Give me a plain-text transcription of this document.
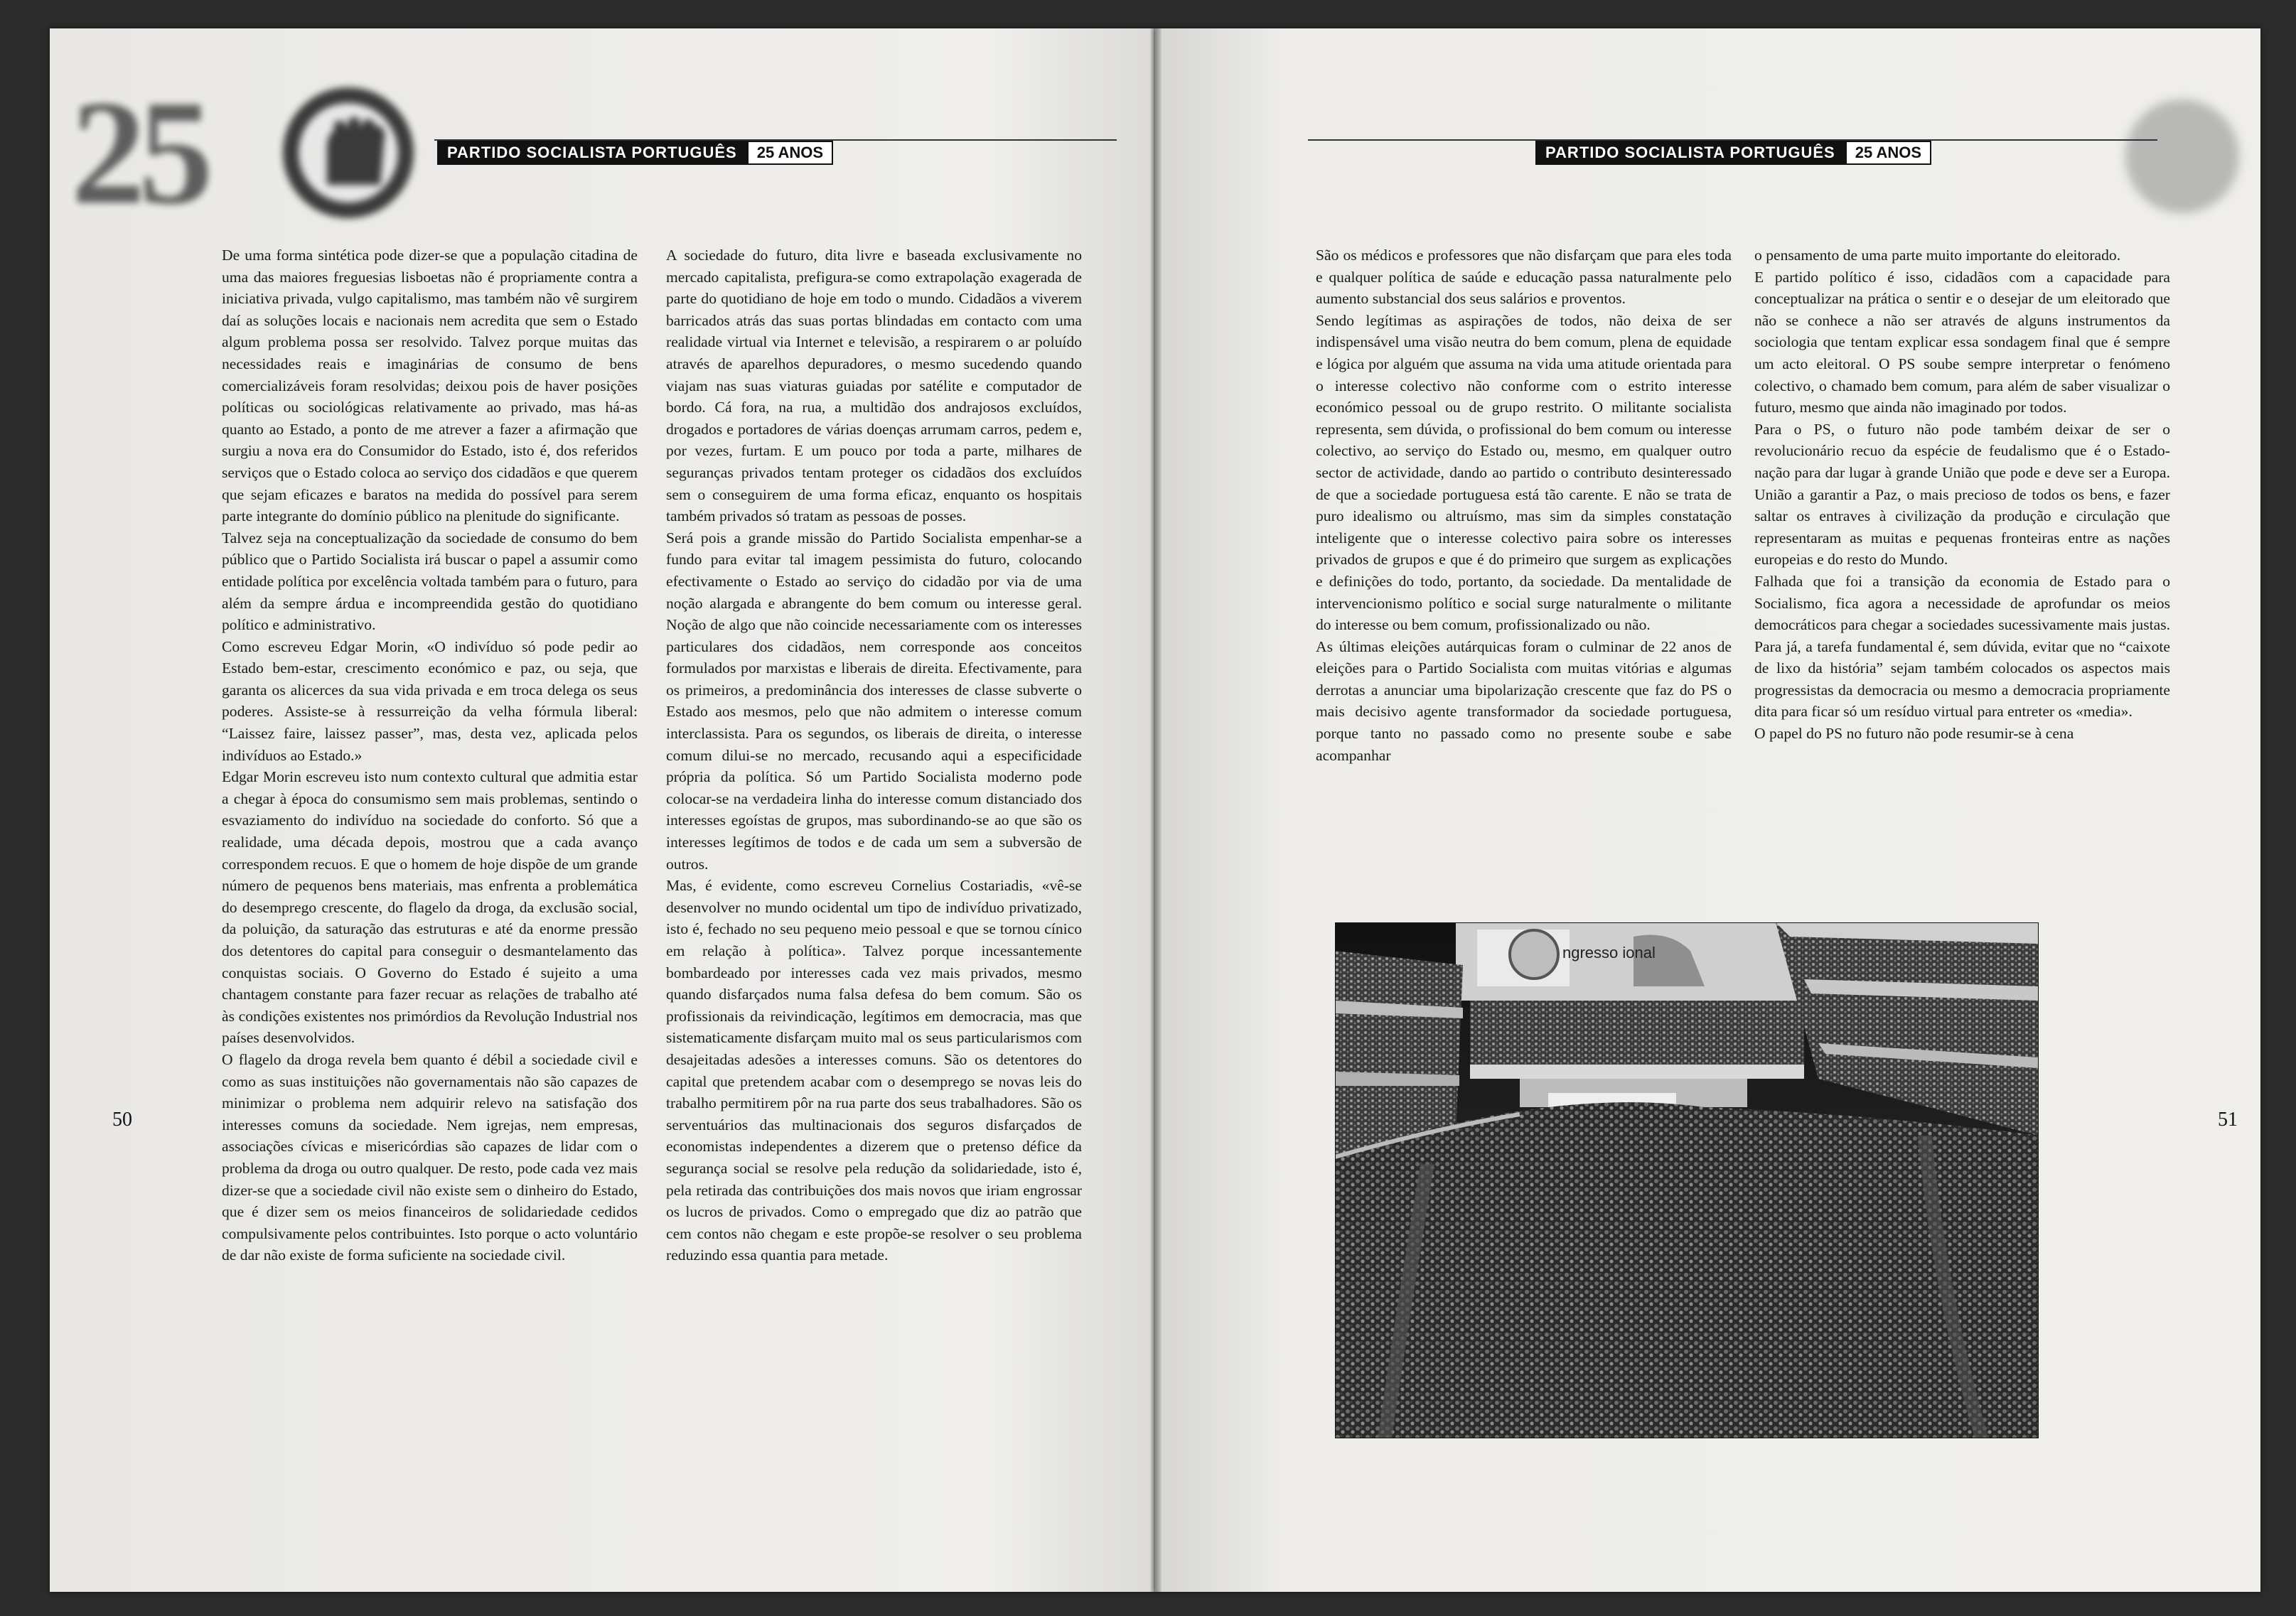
25	PARTIDO SOCIALISTA PORTUGUÊS	25 ANOS

De uma forma sintética pode dizer-se que a população citadina de uma das maiores freguesias lisboetas não é propriamente contra a iniciativa privada, vulgo capitalismo, mas também não vê surgirem daí as soluções locais e nacionais nem acredita que sem o Estado algum problema possa ser resolvido. Talvez porque muitas das necessidades reais e imaginárias de consumo de bens comercializáveis foram resolvidas; deixou pois de haver posições políticas ou sociológicas relativamente ao privado, mas há-as quanto ao Estado, a ponto de me atrever a fazer a afirmação que surgiu a nova era do Consumidor do Estado, isto é, dos referidos serviços que o Estado coloca ao serviço dos cidadãos e que querem que sejam eficazes e baratos na medida do possível para serem parte integrante do domínio público na plenitude do significante.

Talvez seja na conceptualização da sociedade de consumo do bem público que o Partido Socialista irá buscar o papel a assumir como entidade política por excelência voltada também para o futuro, para além da sempre árdua e incompreendida gestão do quotidiano político e administrativo.

Como escreveu Edgar Morin, «O indivíduo só pode pedir ao Estado bem-estar, crescimento económico e paz, ou seja, que garanta os alicerces da sua vida privada e em troca delega os seus poderes. Assiste-se à ressurreição da velha fórmula liberal: “Laissez faire, laissez passer”, mas, desta vez, aplicada pelos indivíduos ao Estado.»

Edgar Morin escreveu isto num contexto cultural que admitia estar a chegar à época do consumismo sem mais problemas, sentindo o esvaziamento do indivíduo na sociedade do conforto. Só que a realidade, uma década depois, mostrou que a cada avanço correspondem recuos. E que o homem de hoje dispõe de um grande número de pequenos bens materiais, mas enfrenta a problemática do desemprego crescente, do flagelo da droga, da exclusão social, da poluição, da saturação das estruturas e até da enorme pressão dos detentores do capital para conseguir o desmantelamento das conquistas sociais. O Governo do Estado é sujeito a uma chantagem constante para fazer recuar as relações de trabalho até às condições existentes nos primórdios da Revolução Industrial nos países desenvolvidos.

O flagelo da droga revela bem quanto é débil a sociedade civil e como as suas instituições não governamentais não são capazes de minimizar o problema nem adquirir relevo na satisfação dos interesses comuns da sociedade. Nem igrejas, nem empresas, associações cívicas e misericórdias são capazes de lidar com o problema da droga ou outro qualquer. De resto, pode cada vez mais dizer-se que a sociedade civil não existe sem o dinheiro do Estado, que é dizer sem os meios financeiros de solidariedade cedidos compulsivamente pelos contribuintes. Isto porque o acto voluntário de dar não existe de forma suficiente na sociedade civil.

A sociedade do futuro, dita livre e baseada exclusivamente no mercado capitalista, prefigura-se como extrapolação exagerada de parte do quotidiano de hoje em todo o mundo. Cidadãos a viverem barricados atrás das suas portas blindadas em contacto com uma realidade virtual via Internet e televisão, a respirarem o ar poluído através de aparelhos depuradores, o mesmo sucedendo quando viajam nas suas viaturas guiadas por satélite e computador de bordo. Cá fora, na rua, a multidão dos andrajosos excluídos, drogados e portadores de várias doenças arrumam carros, pedem e, por vezes, furtam. E um pouco por toda a parte, milhares de seguranças privados tentam proteger os cidadãos dos excluídos sem o conseguirem de uma forma eficaz, enquanto os hospitais também privados só tratam as pessoas de posses.

Será pois a grande missão do Partido Socialista empenhar-se a fundo para evitar tal imagem pessimista do futuro, colocando efectivamente o Estado ao serviço do cidadão por via de uma noção alargada e abrangente do bem comum ou interesse geral. Noção de algo que não coincide necessariamente com os interesses particulares dos cidadãos, nem corresponde aos conceitos formulados por marxistas e liberais de direita. Efectivamente, para os primeiros, a predominância dos interesses de classe subverte o Estado aos mesmos, pelo que não admitem o interesse comum interclassista. Para os segundos, os liberais de direita, o interesse comum dilui-se no mercado, recusando aqui a especificidade própria da política. Só um Partido Socialista moderno pode colocar-se na verdadeira linha do interesse comum distanciado dos interesses egoístas de grupos, mas subordinando-se ao que são os interesses legítimos de todos e de cada um sem a subversão de outros.

Mas, é evidente, como escreveu Cornelius Costariadis, «vê-se desenvolver no mundo ocidental um tipo de indivíduo privatizado, isto é, fechado no seu pequeno meio pessoal e que se tornou cínico em relação à política». Talvez porque incessantemente bombardeado por interesses cada vez mais privados, mesmo quando disfarçados numa falsa defesa do bem comum. São os profissionais da reivindicação, legítimos em democracia, mas que sistematicamente disfarçam muito mal os seus particularismos com desajeitadas adesões a interesses comuns. São os detentores do capital que pretendem acabar com o desemprego se novas leis do trabalho permitirem pôr na rua parte dos seus trabalhadores. São os serventuários das multinacionais dos seguros disfarçados de economistas independentes a dizerem que o pretenso défice da segurança social se resolve pela redução da solidariedade, isto é, pela retirada das contribuições dos mais novos que iriam engrossar os lucros de privados. Como o empregado que diz ao patrão que cem contos não chegam e este propõe-se resolver o seu problema reduzindo essa quantia para metade.

50
PARTIDO SOCIALISTA PORTUGUÊS	25 ANOS

São os médicos e professores que não disfarçam que para eles toda e qualquer política de saúde e educação passa naturalmente pelo aumento substancial dos seus salários e proventos.

Sendo legítimas as aspirações de todos, não deixa de ser indispensável uma visão neutra do bem comum, plena de equidade e lógica por alguém que assuma na vida uma atitude orientada para o interesse colectivo não conforme com o estrito interesse económico pessoal ou de grupo restrito. O militante socialista representa, sem dúvida, o profissional do bem comum ou interesse colectivo, ao serviço do Estado ou, mesmo, em qualquer outro sector de actividade, dando ao partido o contributo desinteressado de que a sociedade portuguesa está tão carente. E não se trata de puro idealismo ou altruísmo, mas sim da simples constatação inteligente que o interesse colectivo paira sobre os interesses privados de grupos e que é do primeiro que surgem as explicações e definições do todo, portanto, da sociedade. Da mentalidade de intervencionismo político e social surge naturalmente o militante do interesse ou bem comum, profissionalizado ou não.

As últimas eleições autárquicas foram o culminar de 22 anos de eleições para o Partido Socialista com muitas vitórias e algumas derrotas a anunciar uma bipolarização crescente que faz do PS o mais decisivo agente transformador da sociedade portuguesa, porque tanto no passado como no presente soube e sabe acompanhar

o pensamento de uma parte muito importante do eleitorado.

E partido político é isso, cidadãos com a capacidade para conceptualizar na prática o sentir e o desejar de um eleitorado que não se conhece a não ser através de alguns instrumentos da sociologia que tentam explicar essa sondagem final que é sempre um acto eleitoral. O PS soube sempre interpretar o fenómeno colectivo, o chamado bem comum, para além de saber visualizar o futuro, mesmo que ainda não imaginado por todos.

Para o PS, o futuro não pode também deixar de ser o revolucionário recuo da espécie de feudalismo que é o Estado-nação para dar lugar à grande União que pode e deve ser a Europa. União a garantir a Paz, o mais precioso de todos os bens, e fazer saltar os entraves à civilização da produção e circulação que representaram as muitas e pequenas fronteiras entre as nações europeias e do resto do Mundo.

Falhada que foi a transição da economia de Estado para o Socialismo, fica agora a necessidade de aprofundar os meios democráticos para chegar a sociedades sucessivamente mais justas. Para já, a tarefa fundamental é, sem dúvida, evitar que no “caixote de lixo da história” sejam também colocados os aspectos mais progressistas da democracia ou mesmo a democracia propriamente dita para ficar só um resíduo virtual para entreter os «media».

O papel do PS no futuro não pode resumir-se à cena

51
ngresso ional
